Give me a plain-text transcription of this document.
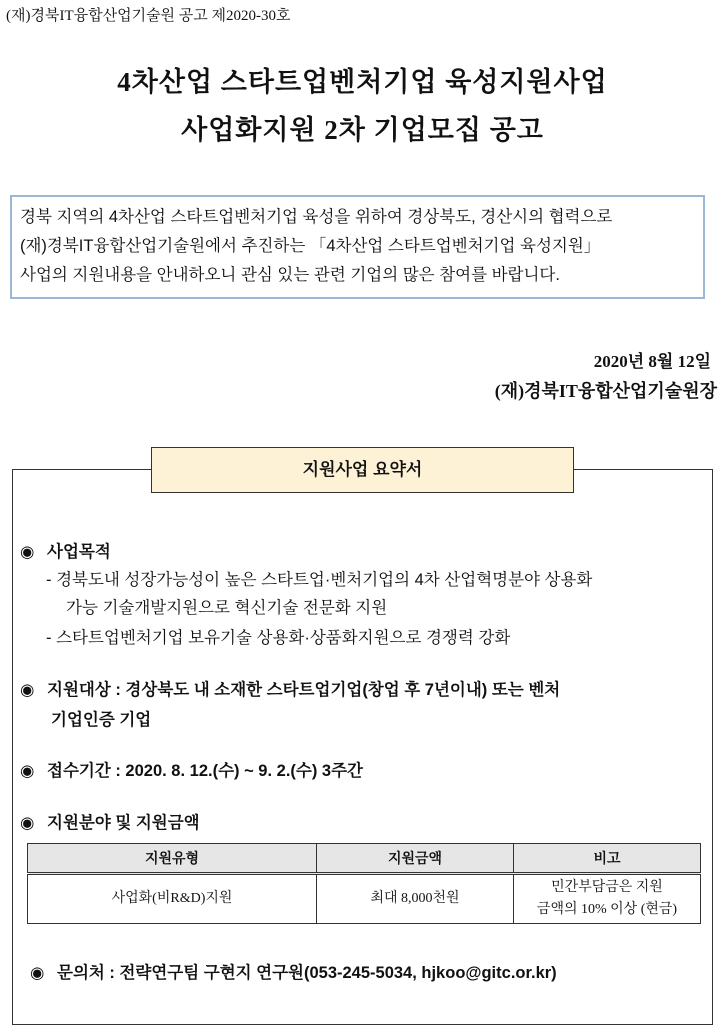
(재)경북IT융합산업기술원 공고 제2020-30호
4차산업 스타트업벤처기업 육성지원사업
사업화지원 2차 기업모집 공고
경북 지역의 4차산업 스타트업벤처기업 육성을 위하여 경상북도, 경산시의 협력으로
(재)경북IT융합산업기술원에서 추진하는 「4차산업 스타트업벤처기업 육성지원」
사업의 지원내용을 안내하오니 관심 있는 관련 기업의 많은 참여를 바랍니다.
2020년 8월 12일
(재)경북IT융합산업기술원장
지원사업 요약서
◉ 사업목적
- 경북도내 성장가능성이 높은 스타트업·벤처기업의 4차 산업혁명분야 상용화
가능 기술개발지원으로 혁신기술 전문화 지원
- 스타트업벤처기업 보유기술 상용화·상품화지원으로 경쟁력 강화
◉ 지원대상 : 경상북도 내 소재한 스타트업기업(창업 후 7년이내) 또는 벤처
기업인증 기업
◉ 접수기간 : 2020. 8. 12.(수) ~ 9. 2.(수) 3주간
◉ 지원분야 및 지원금액
지원유형	지원금액	비고
사업화(비R&D)지원	최대 8,000천원	민간부담금은 지원
금액의 10% 이상 (현금)
◉ 문의처 : 전략연구팀 구현지 연구원(053-245-5034, hjkoo@gitc.or.kr)
